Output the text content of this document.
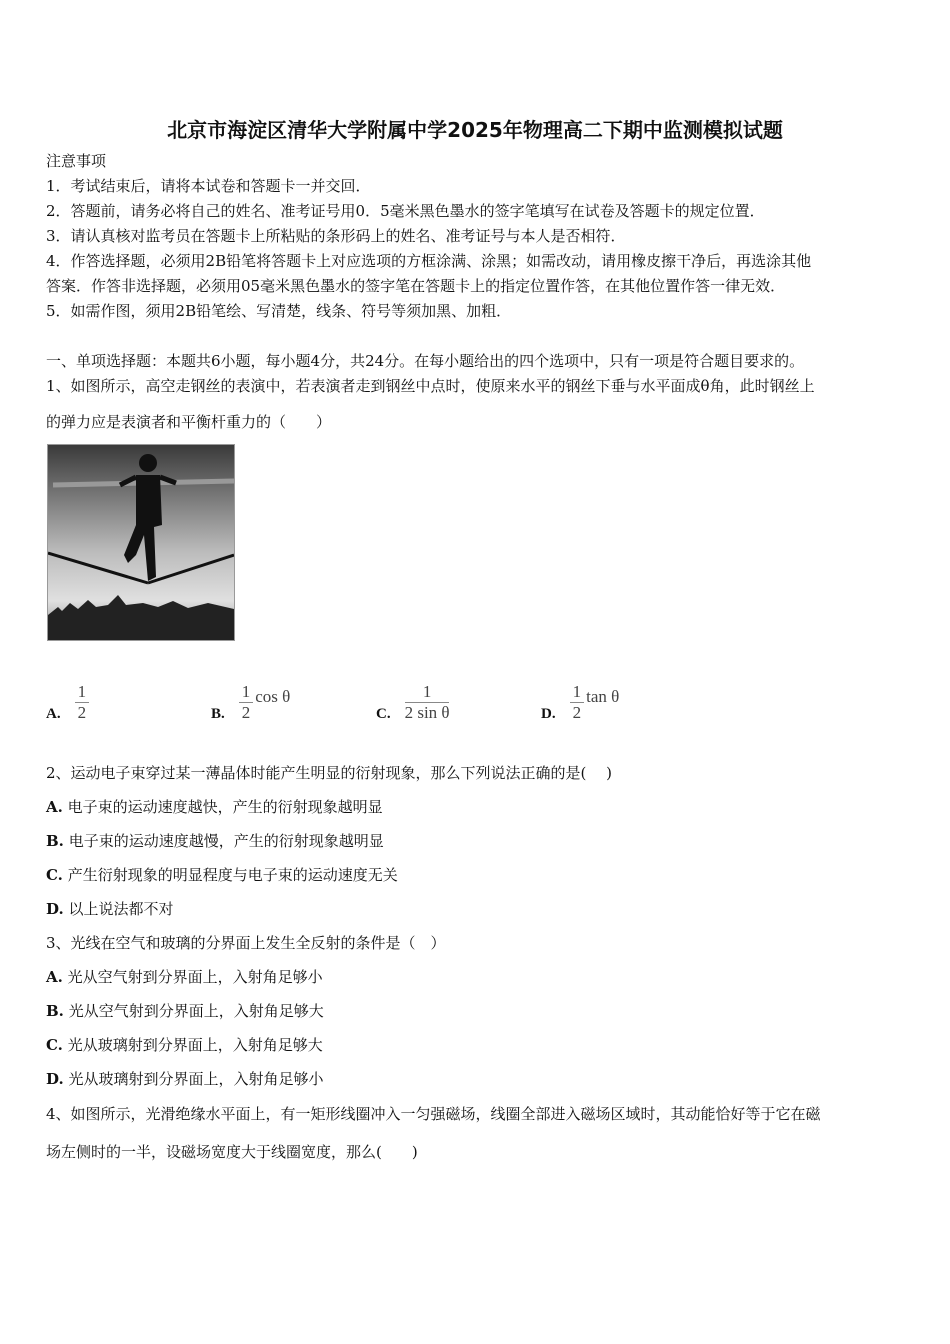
北京市海淀区清华大学附属中学2025年物理高二下期中监测模拟试题
注意事项
1．考试结束后，请将本试卷和答题卡一并交回．
2．答题前，请务必将自己的姓名、准考证号用0．5毫米黑色墨水的签字笔填写在试卷及答题卡的规定位置．
3．请认真核对监考员在答题卡上所粘贴的条形码上的姓名、准考证号与本人是否相符．
4．作答选择题，必须用2B铅笔将答题卡上对应选项的方框涂满、涂黑；如需改动，请用橡皮擦干净后，再选涂其他
答案．作答非选择题，必须用05毫米黑色墨水的签字笔在答题卡上的指定位置作答，在其他位置作答一律无效．
5．如需作图，须用2B铅笔绘、写清楚，线条、符号等须加黑、加粗．
一、单项选择题：本题共6小题，每小题4分，共24分。在每小题给出的四个选项中，只有一项是符合题目要求的。
1、如图所示，高空走钢丝的表演中，若表演者走到钢丝中点时，使原来水平的钢丝下垂与水平面成θ角，此时钢丝上
的弹力应是表演者和平衡杆重力的（　　）
A. $\frac{1}{2}$	B. $\frac{1}{2}$ cos θ
C. $\frac{1}{\text{2 sin θ}}$	D. $\frac{1}{2}$ tan θ
2、运动电子束穿过某一薄晶体时能产生明显的衍射现象，那么下列说法正确的是(　 )
A. 电子束的运动速度越快，产生的衍射现象越明显
B. 电子束的运动速度越慢，产生的衍射现象越明显
C. 产生衍射现象的明显程度与电子束的运动速度无关
D. 以上说法都不对
3、光线在空气和玻璃的分界面上发生全反射的条件是（　）
A. 光从空气射到分界面上，入射角足够小
B. 光从空气射到分界面上，入射角足够大
C. 光从玻璃射到分界面上，入射角足够大
D. 光从玻璃射到分界面上，入射角足够小
4、如图所示，光滑绝缘水平面上，有一矩形线圈冲入一匀强磁场，线圈全部进入磁场区域时，其动能恰好等于它在磁
场左侧时的一半，设磁场宽度大于线圈宽度，那么(　　)
